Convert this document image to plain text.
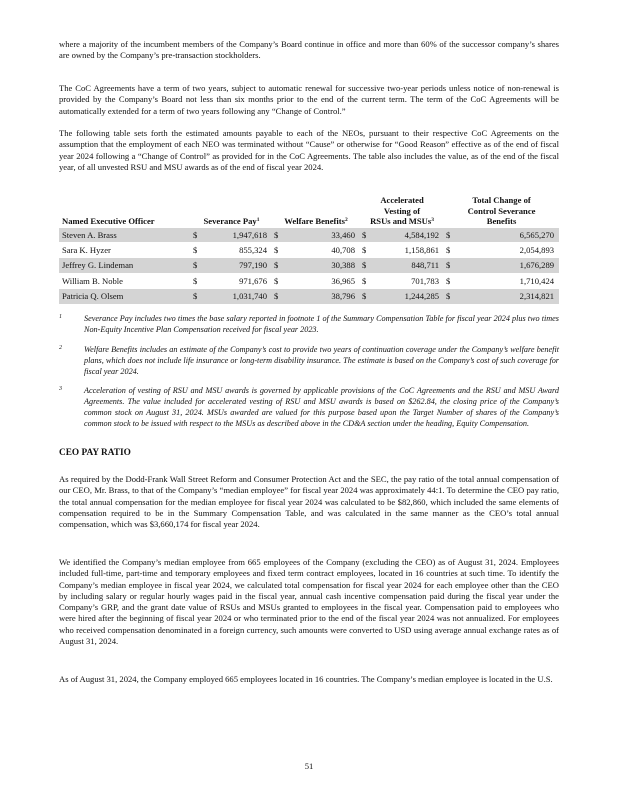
where a majority of the incumbent members of the Company’s Board continue in office and more than 60% of the successor company’s shares are owned by the Company’s pre-transaction stockholders.

The CoC Agreements have a term of two years, subject to automatic renewal for successive two-year periods unless notice of non-renewal is provided by the Company’s Board not less than six months prior to the end of the current term. The term of the CoC Agreements will be automatically extended for a term of two years following any “Change of Control.”

The following table sets forth the estimated amounts payable to each of the NEOs, pursuant to their respective CoC Agreements on the assumption that the employment of each NEO was terminated without “Cause” or otherwise for “Good Reason” effective as of the end of fiscal year 2024 following a “Change of Control” as provided for in the CoC Agreements. The table also includes the value, as of the end of the fiscal year, of all unvested RSU and MSU awards as of the end of fiscal year 2024.

Named Executive Officer	Severance Pay$^1$		Welfare Benefits$^2$		Accelerated
Vesting of
RSUs and MSUs$^3$		Total Change of
Control Severance
Benefits	
Steven A. Brass	$	1,947,618	$	33,460	$	4,584,192	$	6,565,270

Sara K. Hyzer	$	855,324	$	40,708	$	1,158,861	$	2,054,893

Jeffrey G. Lindeman	$	797,190	$	30,388	$	848,711	$	1,676,289

William B. Noble	$	971,676	$	36,965	$	701,783	$	1,710,424

Patricia Q. Olsem	$	1,031,740	$	38,796	$	1,244,285	$	2,314,821
1	Severance Pay includes two times the base salary reported in footnote 1 of the Summary Compensation Table for fiscal year 2024 plus two times Non-Equity Incentive Plan Compensation received for fiscal year 2023.
2	Welfare Benefits includes an estimate of the Company’s cost to provide two years of continuation coverage under the Company’s welfare benefit plans, which does not include life insurance or long-term disability insurance. The estimate is based on the Company’s cost of such coverage for fiscal year 2024.
3	Acceleration of vesting of RSU and MSU awards is governed by applicable provisions of the CoC Agreements and the RSU and MSU Award Agreements. The value included for accelerated vesting of RSU and MSU awards is based on $262.84, the closing price of the Company’s common stock on August 31, 2024. MSUs awarded are valued for this purpose based upon the Target Number of shares of the Company’s common stock to be issued with respect to the MSUs as described above in the CD&A section under the heading, Equity Compensation.
CEO PAY RATIO

As required by the Dodd-Frank Wall Street Reform and Consumer Protection Act and the SEC, the pay ratio of the total annual compensation of our CEO, Mr. Brass, to that of the Company’s “median employee” for fiscal year 2024 was approximately 44:1. To determine the CEO pay ratio, the total annual compensation for the median employee for fiscal year 2024 was calculated to be $82,860, which included the same elements of compensation required to be in the Summary Compensation Table, and was calculated in the same manner as the CEO’s total annual compensation, which was $3,660,174 for fiscal year 2024.

We identified the Company’s median employee from 665 employees of the Company (excluding the CEO) as of August 31, 2024. Employees included full-time, part-time and temporary employees and fixed term contract employees, located in 16 countries at such time. To identify the Company’s median employee in fiscal year 2024, we calculated total compensation for fiscal year 2024 for each employee other than the CEO by including salary or regular hourly wages paid in the fiscal year, annual cash incentive compensation paid during the fiscal year under the Company’s GRP, and the grant date value of RSUs and MSUs granted to employees in the fiscal year. Compensation paid to employees who were hired after the beginning of fiscal year 2024 or who terminated prior to the end of the fiscal year 2024 was not annualized. For employees who received compensation denominated in a foreign currency, such amounts were converted to USD using average annual exchange rates as of August 31, 2024.

As of August 31, 2024, the Company employed 665 employees located in 16 countries. The Company’s median employee is located in the U.S.

51
